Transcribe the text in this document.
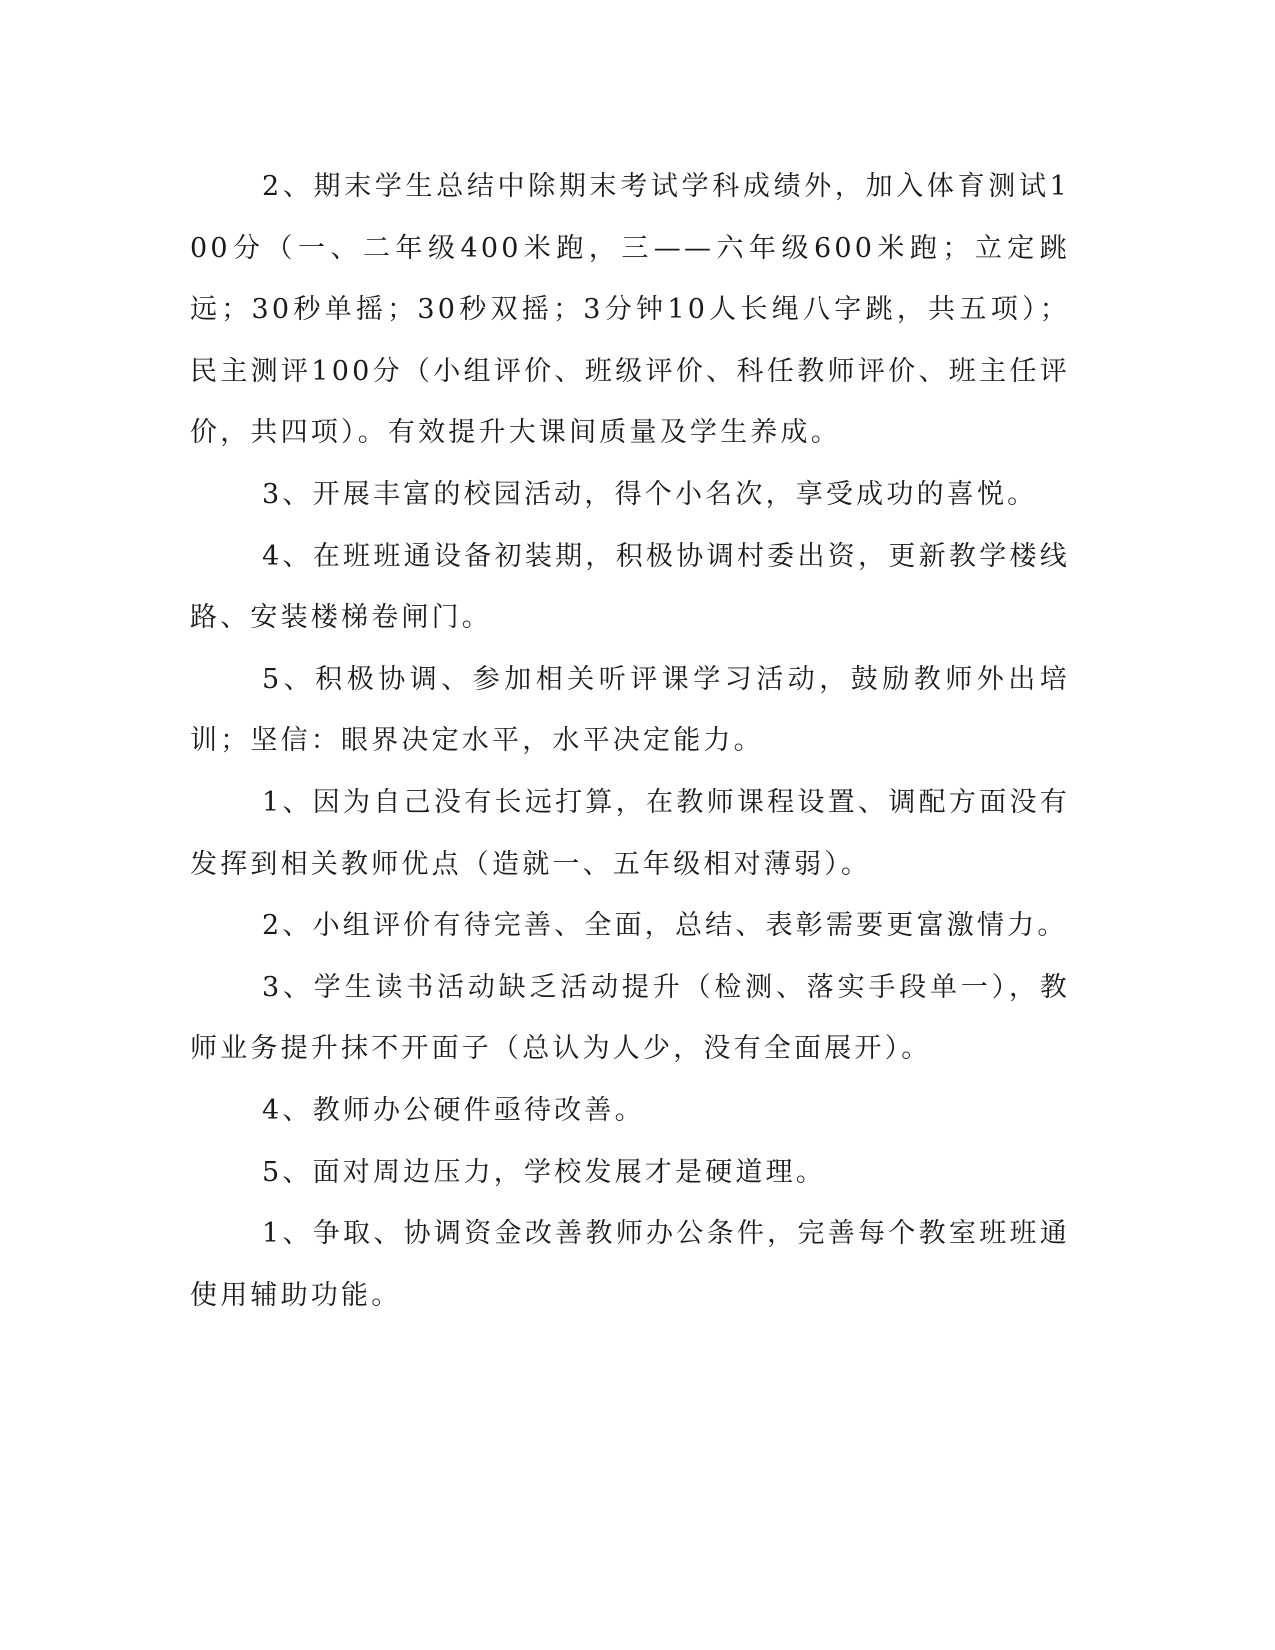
2、期末学生总结中除期末考试学科成绩外，加入体育测试100分（一、二年级400米跑，三——六年级600米跑；立定跳远；30秒单摇；30秒双摇；3分钟10人长绳八字跳，共五项）；民主测评100分（小组评价、班级评价、科任教师评价、班主任评价，共四项）。有效提升大课间质量及学生养成。

3、开展丰富的校园活动，得个小名次，享受成功的喜悦。

4、在班班通设备初装期，积极协调村委出资，更新教学楼线路、安装楼梯卷闸门。

5、积极协调、参加相关听评课学习活动，鼓励教师外出培训；坚信：眼界决定水平，水平决定能力。

1、因为自己没有长远打算，在教师课程设置、调配方面没有发挥到相关教师优点（造就一、五年级相对薄弱）。

2、小组评价有待完善、全面，总结、表彰需要更富激情力。

3、学生读书活动缺乏活动提升（检测、落实手段单一），教师业务提升抹不开面子（总认为人少，没有全面展开）。

4、教师办公硬件亟待改善。

5、面对周边压力，学校发展才是硬道理。

1、争取、协调资金改善教师办公条件，完善每个教室班班通使用辅助功能。
